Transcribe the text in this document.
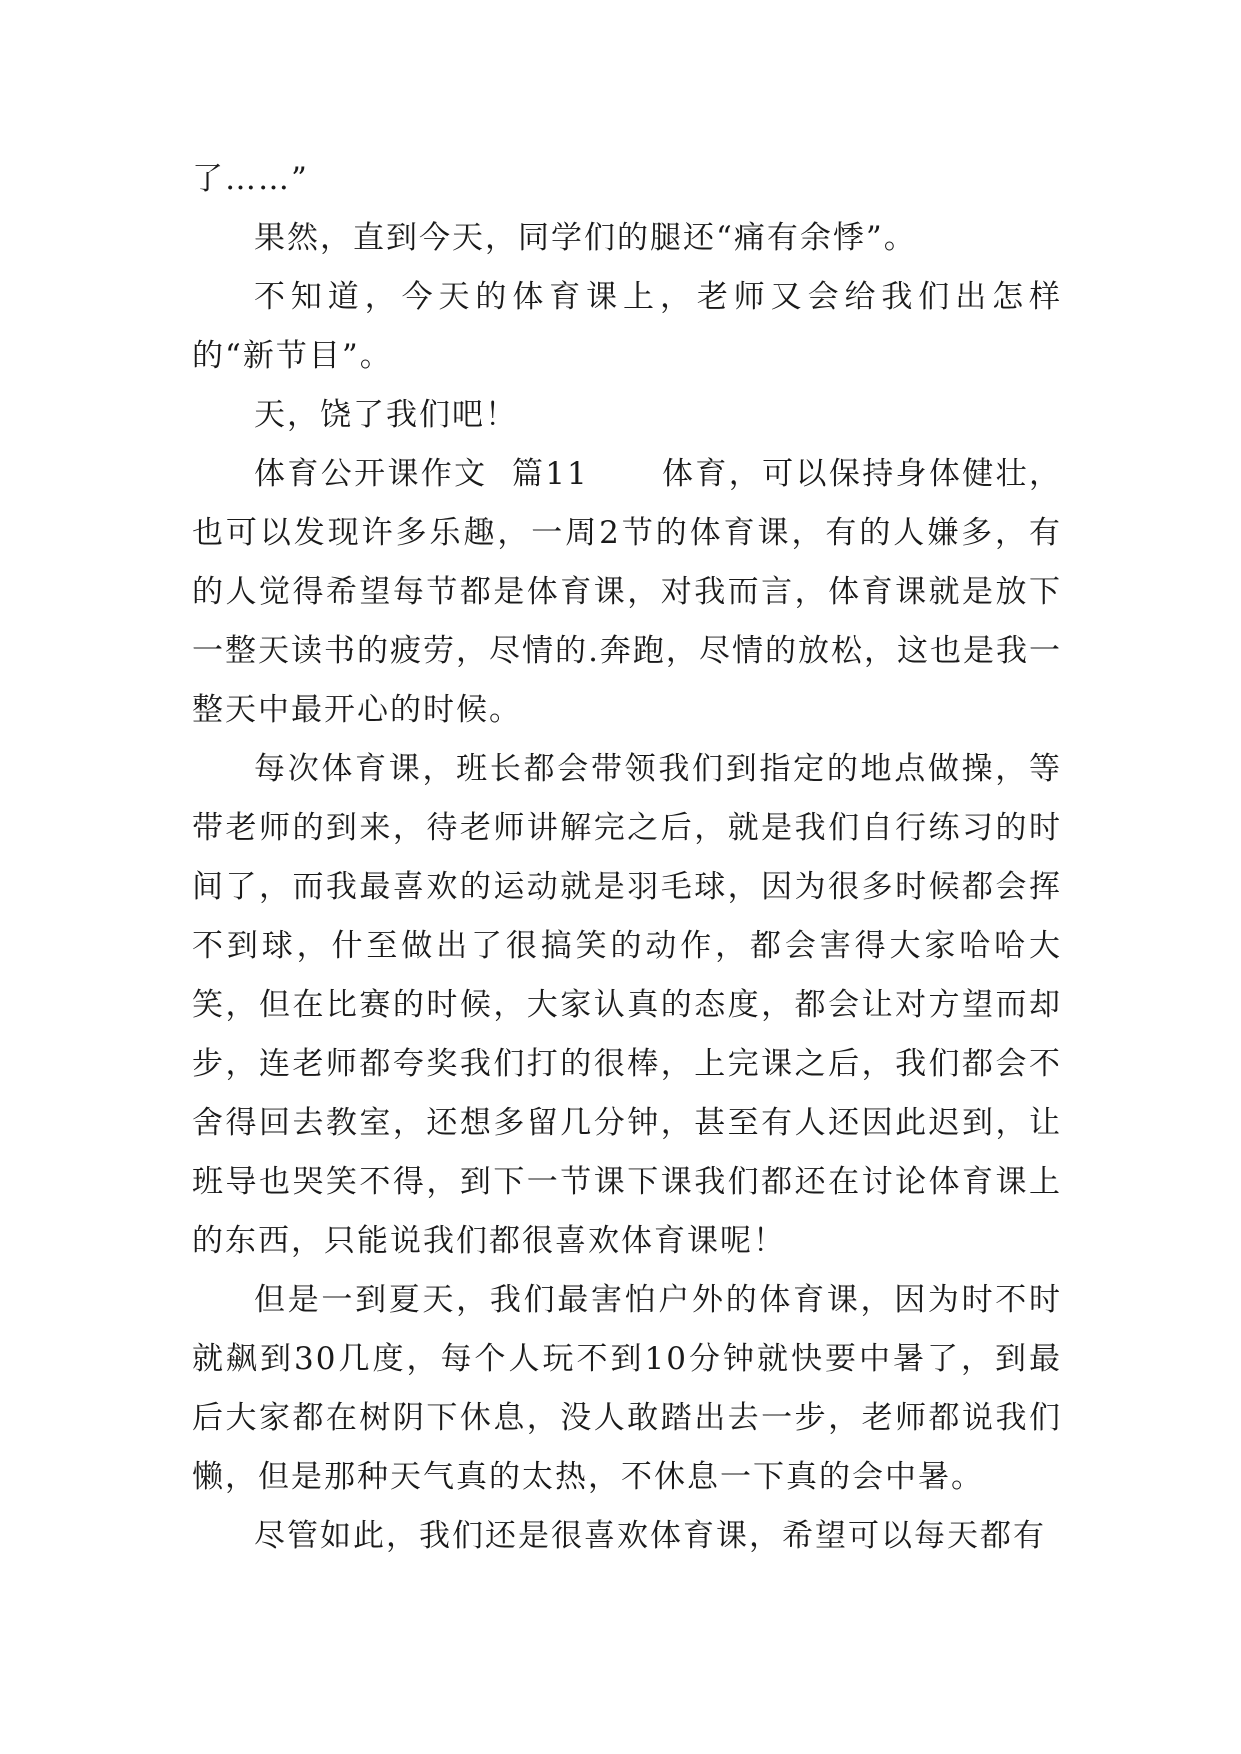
了……”

果然，直到今天，同学们的腿还“痛有余悸”。

不知道，今天的体育课上，老师又会给我们出怎样的“新节目”。

天，饶了我们吧！

体育公开课作文  篇11      体育，可以保持身体健壮，也可以发现许多乐趣，一周2节的体育课，有的人嫌多，有的人觉得希望每节都是体育课，对我而言，体育课就是放下一整天读书的疲劳，尽情的.奔跑，尽情的放松，这也是我一整天中最开心的时候。

每次体育课，班长都会带领我们到指定的地点做操，等带老师的到来，待老师讲解完之后，就是我们自行练习的时间了，而我最喜欢的运动就是羽毛球，因为很多时候都会挥不到球，什至做出了很搞笑的动作，都会害得大家哈哈大笑，但在比赛的时候，大家认真的态度，都会让对方望而却步，连老师都夸奖我们打的很棒，上完课之后，我们都会不舍得回去教室，还想多留几分钟，甚至有人还因此迟到，让班导也哭笑不得，到下一节课下课我们都还在讨论体育课上的东西，只能说我们都很喜欢体育课呢！

但是一到夏天，我们最害怕户外的体育课，因为时不时就飙到30几度，每个人玩不到10分钟就快要中暑了，到最后大家都在树阴下休息，没人敢踏出去一步，老师都说我们懒，但是那种天气真的太热，不休息一下真的会中暑。

尽管如此，我们还是很喜欢体育课，希望可以每天都有
